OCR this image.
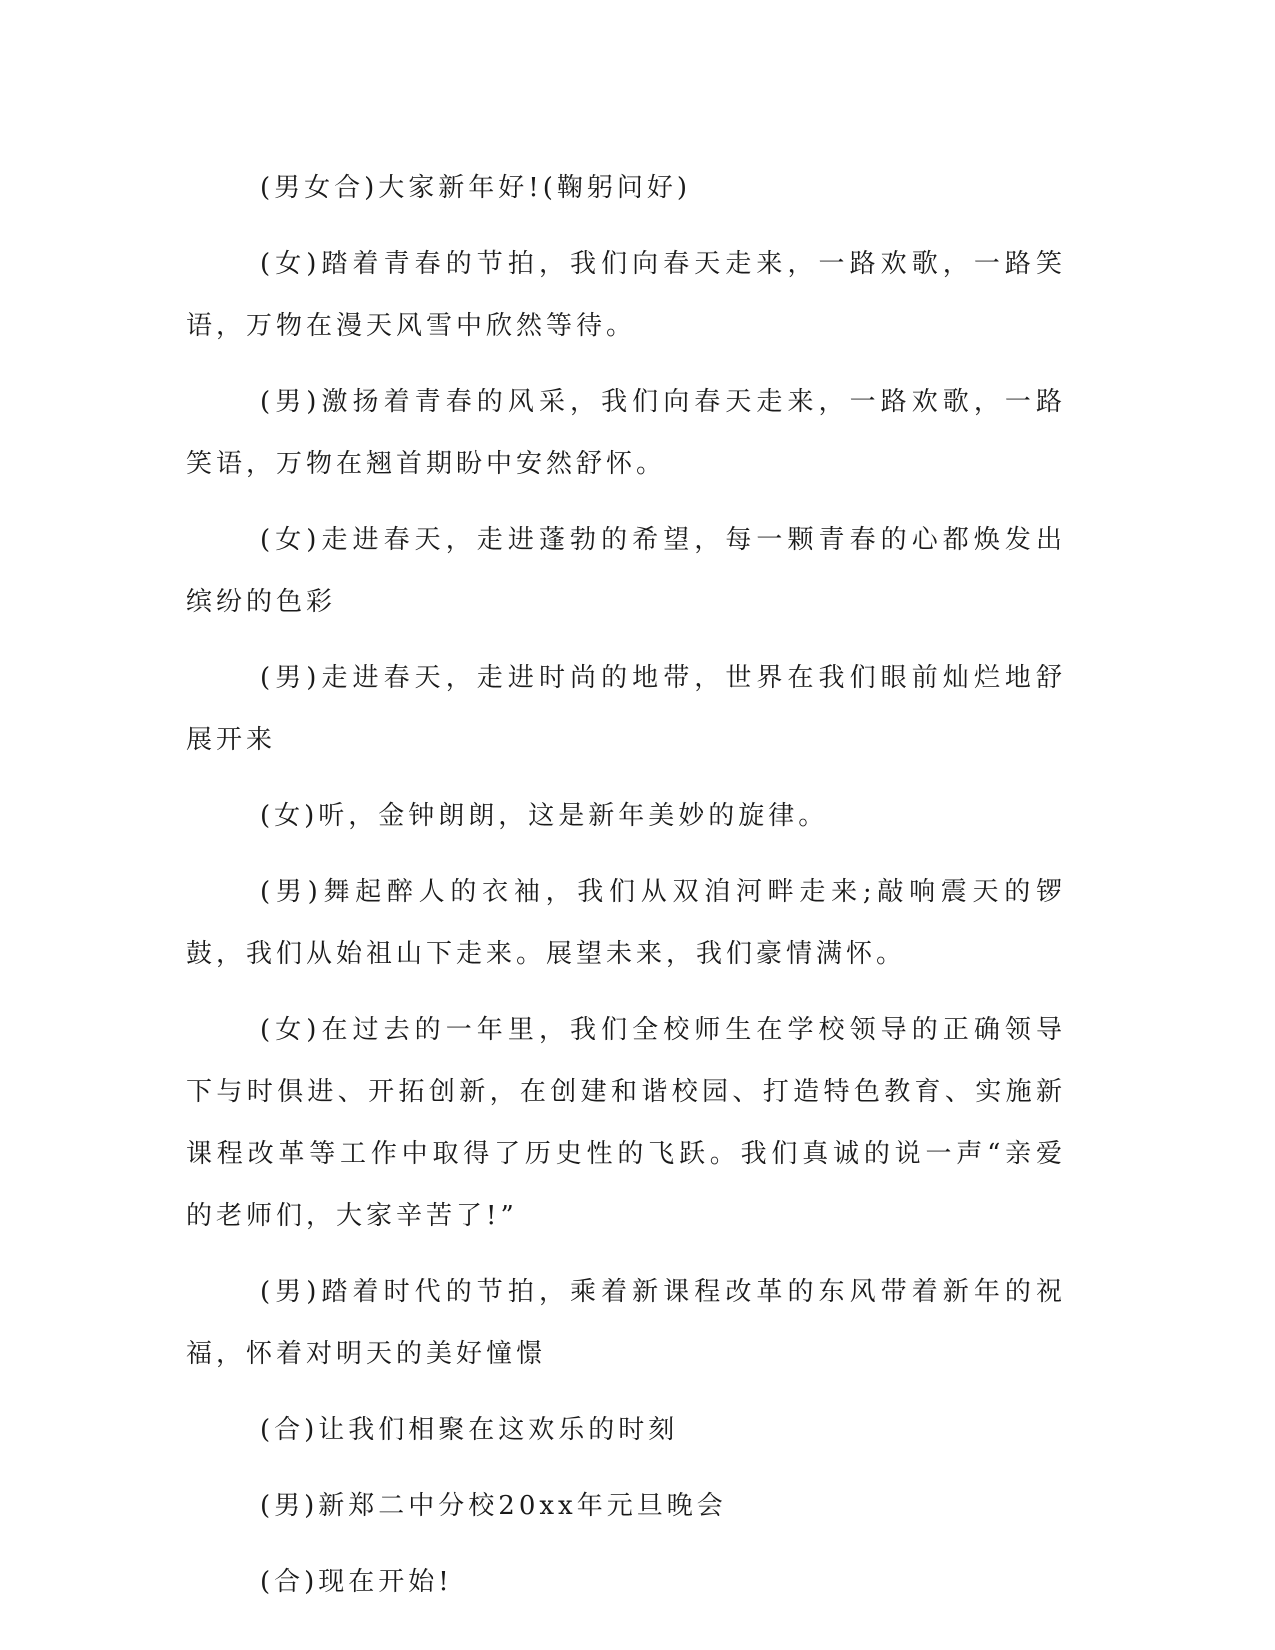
(男女合)大家新年好!(鞠躬问好)

(女)踏着青春的节拍，我们向春天走来，一路欢歌，一路笑语，万物在漫天风雪中欣然等待。

(男)激扬着青春的风采，我们向春天走来，一路欢歌，一路笑语，万物在翘首期盼中安然舒怀。

(女)走进春天，走进蓬勃的希望，每一颗青春的心都焕发出缤纷的色彩

(男)走进春天，走进时尚的地带，世界在我们眼前灿烂地舒展开来

(女)听，金钟朗朗，这是新年美妙的旋律。

(男)舞起醉人的衣袖，我们从双洎河畔走来;敲响震天的锣鼓，我们从始祖山下走来。展望未来，我们豪情满怀。

(女)在过去的一年里，我们全校师生在学校领导的正确领导下与时俱进、开拓创新，在创建和谐校园、打造特色教育、实施新课程改革等工作中取得了历史性的飞跃。我们真诚的说一声“亲爱的老师们，大家辛苦了!”

(男)踏着时代的节拍，乘着新课程改革的东风带着新年的祝福，怀着对明天的美好憧憬

(合)让我们相聚在这欢乐的时刻

(男)新郑二中分校20xx年元旦晚会

(合)现在开始!
